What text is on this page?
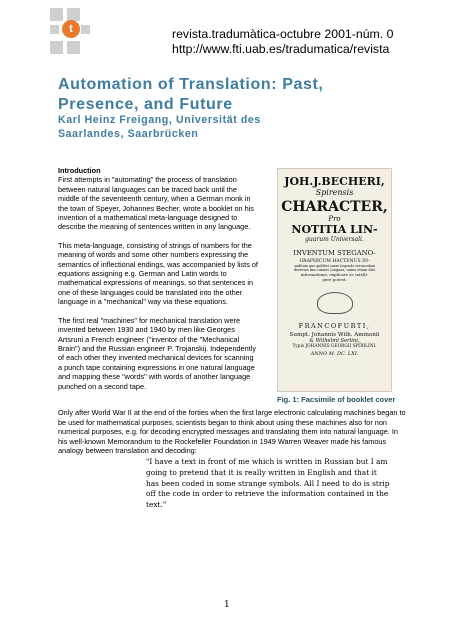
t	revista.tradumàtica-octubre 2001-núm. 0
http://www.fti.uab.es/tradumatica/revista
Automation of Translation: Past,
Presence, and Future
Karl Heinz Freigang, Universität des
Saarlandes, Saarbrücken

Introduction
First attempts in "automating" the process of translation between natural languages can be traced back until the middle of the seventeenth century, when a German monk in the town of Speyer, Johannes Becher, wrote a booklet on his invention of a mathematical meta-language designed to describe the meaning of sentences written in any language.

This meta-language, consisting of strings of numbers for the meaning of words and some other numbers expressing the semantics of inflectional endings, was accompanied by lists of equations assigning e.g. German and Latin words to mathematical expressions of meanings, so that sentences in one of these languages could be translated into the other language in a "mechanical" way via these equations.

The first real "machines" for mechanical translation were invented between 1930 and 1940 by men like Georges Artsruni a French engineer ("inventor of the "Mechanical Brain") and the Russian engineer P. Trojanskij. Independently of each other they invented mechanical devices for scanning a punch tape containing expressions in one natural language and mapping these "words" with words of another language punched on a second tape.

JOH.J.BECHERI,
Spirensis
CHARACTER,
Pro
NOTITIA LIN-
guarum Universali.
INVENTUM STEGANO-
GRAPHICUM HACTENUS IN-
auditum quo quilibet suam Legendo vernaculam
diversas imo omnes Linguas, unius etiam diei
informatione, explicare ac intelli-
gere potest.
FRANCOFURTI,
Sumpt. Johannis Wilh. Ammonii
& Wilhelmi Serlini,
Typis JOHANNIS GEORGII SPÖRLINI.
ANNO M. DC. LXI.
Fig. 1: Facsimile of booklet cover
Only after World War II at the end of the forties when the first large electronic calculating machines began to be used for mathematical purposes, scientists began to think about using these machines also for non numerical purposes, e.g. for decoding encrypted messages and translating them into natural language. In his well-known Memorandum to the Rockefeller Foundation in 1949 Warren Weaver made his famous analogy between translation and decoding:
"I have a text in front of me which is written in Russian but I am going to pretend that it is really written in English and that it has been coded in some strange symbols. All I need to do is strip off the code in order to retrieve the information contained in the text."
1
